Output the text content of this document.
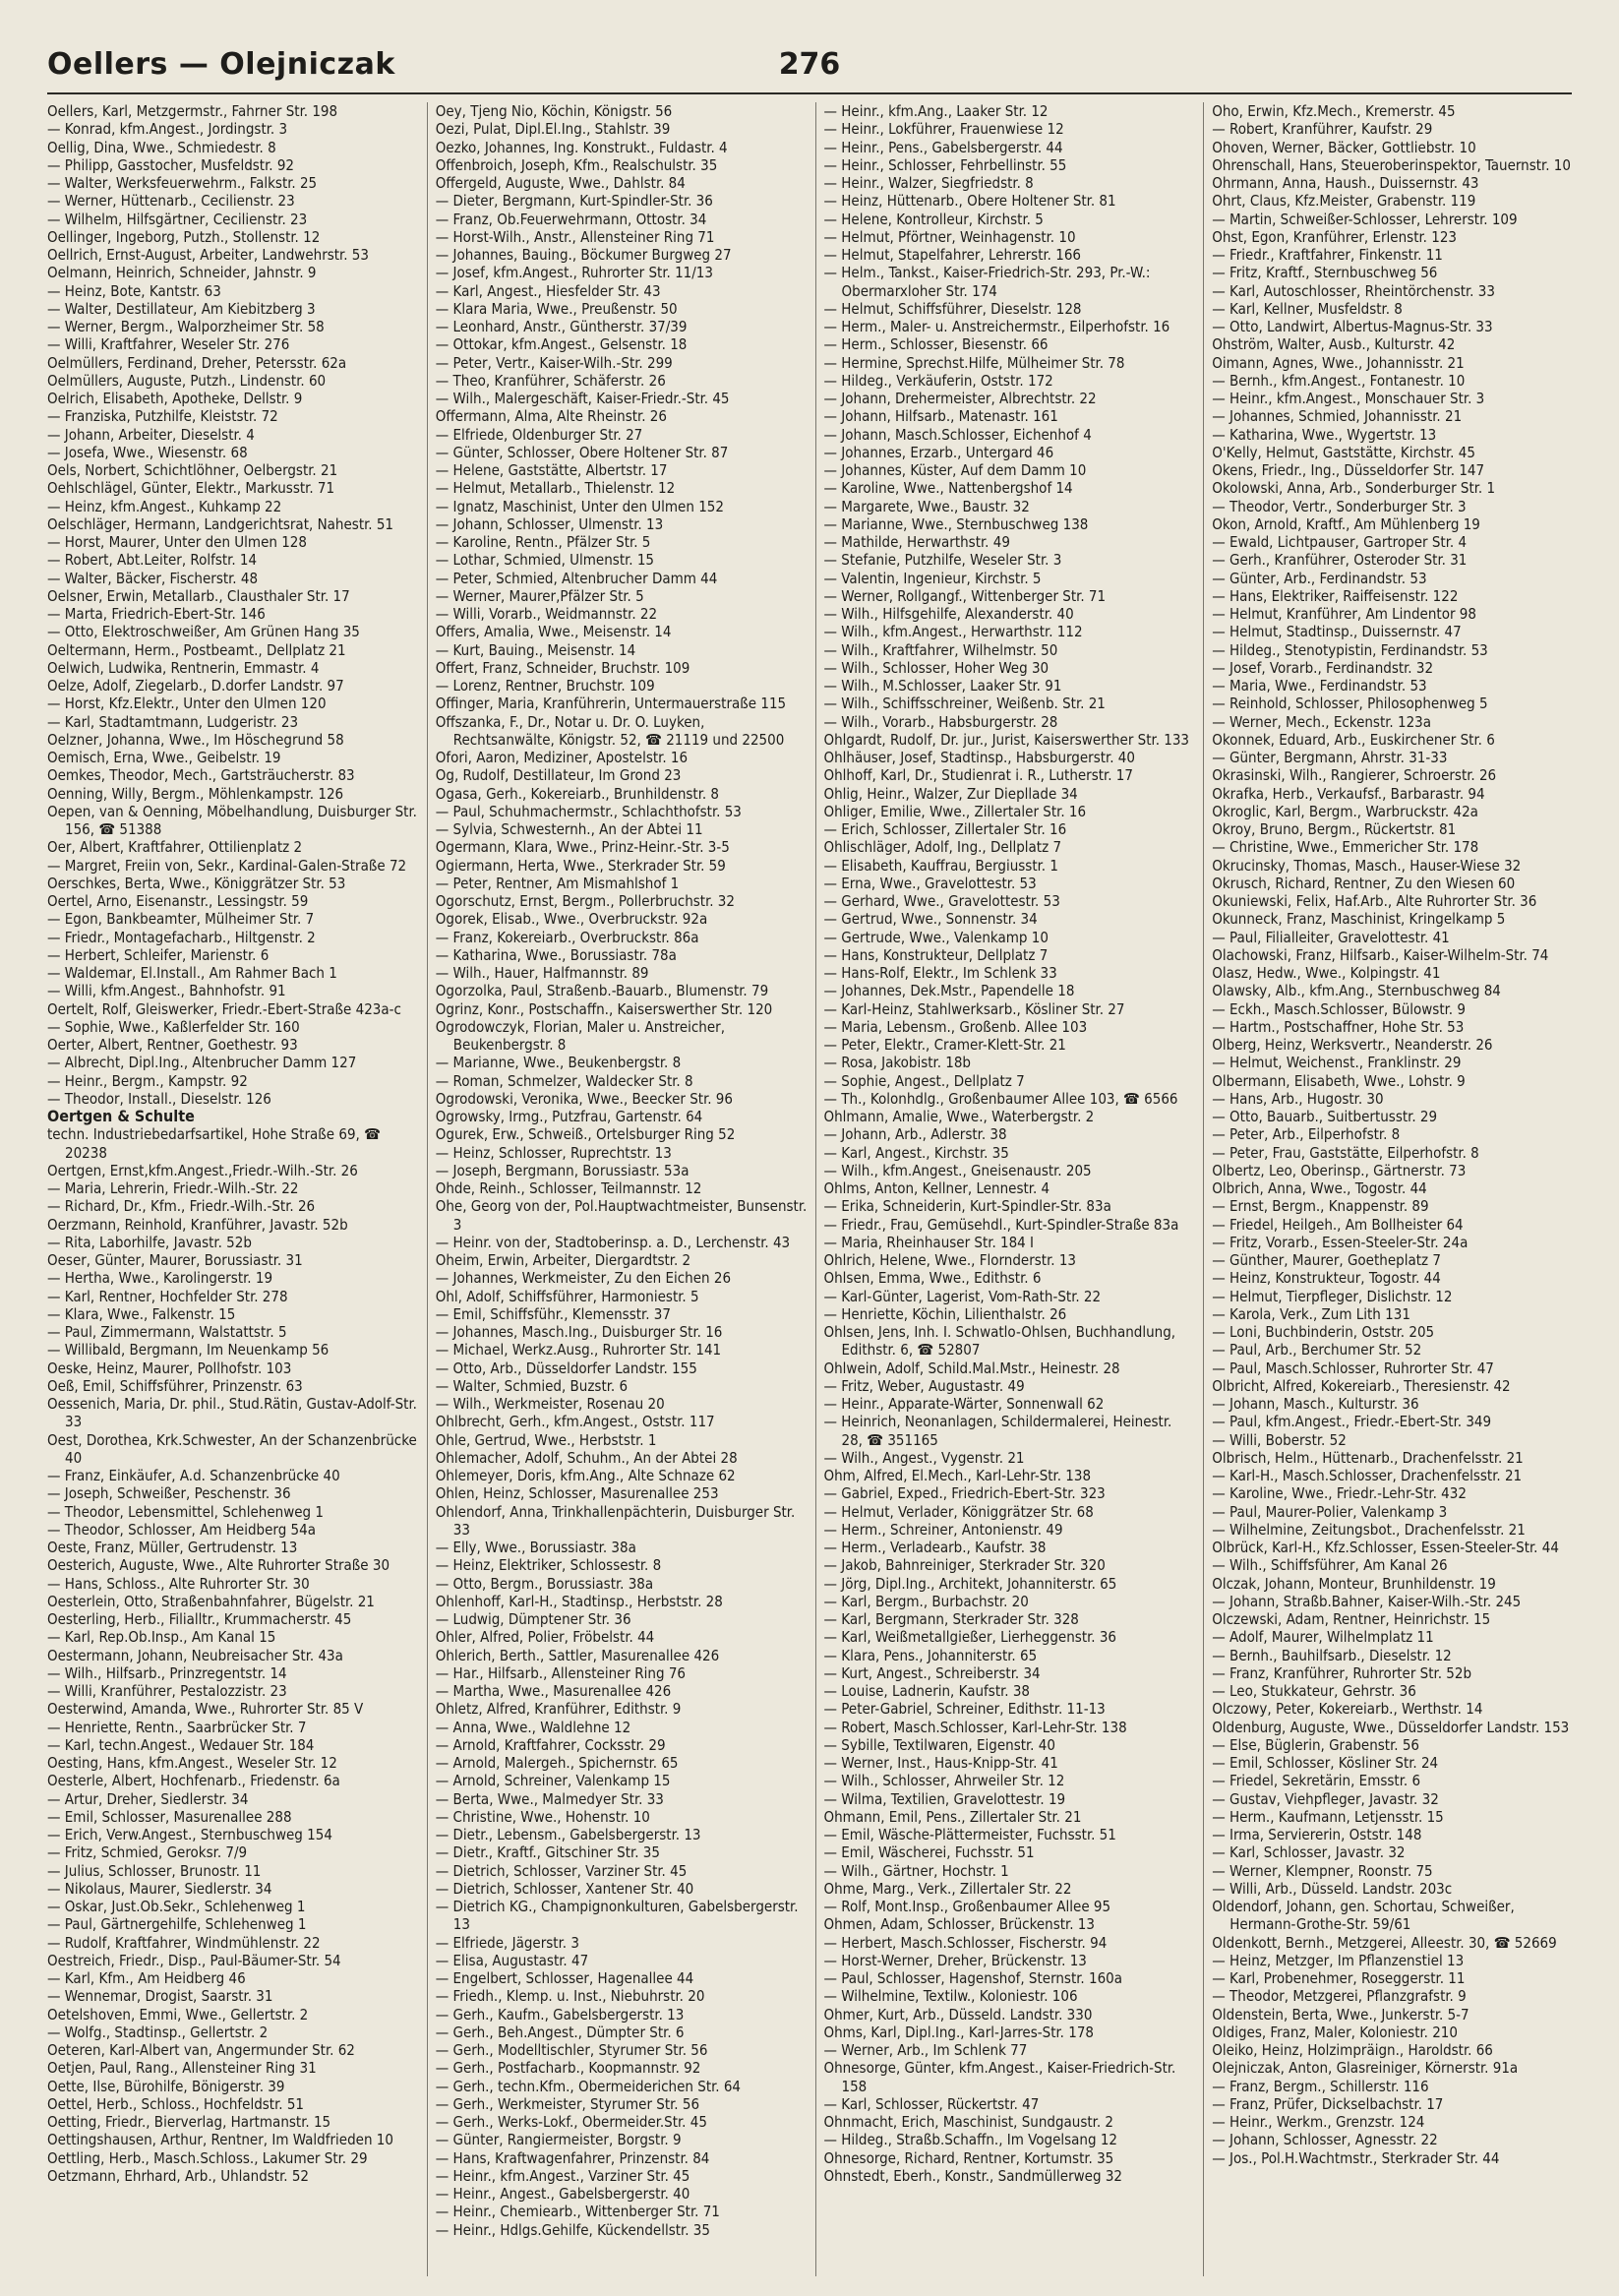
Oellers — Olejniczak	276
Oellers, Karl, Metzgermstr., Fahrner Str. 198
— Konrad, kfm.Angest., Jordingstr. 3
Oellig, Dina, Wwe., Schmiedestr. 8
— Philipp, Gasstocher, Musfeldstr. 92
— Walter, Werksfeuerwehrm., Falkstr. 25
— Werner, Hüttenarb., Cecilienstr. 23
— Wilhelm, Hilfsgärtner, Cecilienstr. 23
Oellinger, Ingeborg, Putzh., Stollenstr. 12
Oellrich, Ernst-August, Arbeiter, Landwehrstr. 53
Oelmann, Heinrich, Schneider, Jahnstr. 9
— Heinz, Bote, Kantstr. 63
— Walter, Destillateur, Am Kiebitzberg 3
— Werner, Bergm., Walporzheimer Str. 58
— Willi, Kraftfahrer, Weseler Str. 276
Oelmüllers, Ferdinand, Dreher, Petersstr. 62a
Oelmüllers, Auguste, Putzh., Lindenstr. 60
Oelrich, Elisabeth, Apotheke, Dellstr. 9
— Franziska, Putzhilfe, Kleiststr. 72
— Johann, Arbeiter, Dieselstr. 4
— Josefa, Wwe., Wiesenstr. 68
Oels, Norbert, Schichtlöhner, Oelbergstr. 21
Oehlschlägel, Günter, Elektr., Markusstr. 71
— Heinz, kfm.Angest., Kuhkamp 22
Oelschläger, Hermann, Landgerichtsrat, Nahestr. 51
— Horst, Maurer, Unter den Ulmen 128
— Robert, Abt.Leiter, Rolfstr. 14
— Walter, Bäcker, Fischerstr. 48
Oelsner, Erwin, Metallarb., Clausthaler Str. 17
— Marta, Friedrich-Ebert-Str. 146
— Otto, Elektroschweißer, Am Grünen Hang 35
Oeltermann, Herm., Postbeamt., Dellplatz 21
Oelwich, Ludwika, Rentnerin, Emmastr. 4
Oelze, Adolf, Ziegelarb., D.dorfer Landstr. 97
— Horst, Kfz.Elektr., Unter den Ulmen 120
— Karl, Stadtamtmann, Ludgeristr. 23
Oelzner, Johanna, Wwe., Im Höschegrund 58
Oemisch, Erna, Wwe., Geibelstr. 19
Oemkes, Theodor, Mech., Gartsträucherstr. 83
Oenning, Willy, Bergm., Möhlenkampstr. 126
Oepen, van & Oenning, Möbelhandlung, Duisburger Str. 156, ☎ 51388
Oer, Albert, Kraftfahrer, Ottilienplatz 2
— Margret, Freiin von, Sekr., Kardinal-Galen-Straße 72
Oerschkes, Berta, Wwe., Königgrätzer Str. 53
Oertel, Arno, Eisenanstr., Lessingstr. 59
— Egon, Bankbeamter, Mülheimer Str. 7
— Friedr., Montagefacharb., Hiltgenstr. 2
— Herbert, Schleifer, Marienstr. 6
— Waldemar, El.Install., Am Rahmer Bach 1
— Willi, kfm.Angest., Bahnhofstr. 91
Oertelt, Rolf, Gleiswerker, Friedr.-Ebert-Straße 423a-c
— Sophie, Wwe., Kaßlerfelder Str. 160
Oerter, Albert, Rentner, Goethestr. 93
— Albrecht, Dipl.Ing., Altenbrucher Damm 127
— Heinr., Bergm., Kampstr. 92
— Theodor, Install., Dieselstr. 126
Oertgen & Schulte
techn. Industriebedarfsartikel, Hohe Straße 69, ☎ 20238
Oertgen, Ernst,kfm.Angest.,Friedr.-Wilh.-Str. 26
— Maria, Lehrerin, Friedr.-Wilh.-Str. 22
— Richard, Dr., Kfm., Friedr.-Wilh.-Str. 26
Oerzmann, Reinhold, Kranführer, Javastr. 52b
— Rita, Laborhilfe, Javastr. 52b
Oeser, Günter, Maurer, Borussiastr. 31
— Hertha, Wwe., Karolingerstr. 19
— Karl, Rentner, Hochfelder Str. 278
— Klara, Wwe., Falkenstr. 15
— Paul, Zimmermann, Walstattstr. 5
— Willibald, Bergmann, Im Neuenkamp 56
Oeske, Heinz, Maurer, Pollhofstr. 103
Oeß, Emil, Schiffsführer, Prinzenstr. 63
Oessenich, Maria, Dr. phil., Stud.Rätin, Gustav-Adolf-Str. 33
Oest, Dorothea, Krk.Schwester, An der Schanzenbrücke 40
— Franz, Einkäufer, A.d. Schanzenbrücke 40
— Joseph, Schweißer, Peschenstr. 36
— Theodor, Lebensmittel, Schlehenweg 1
— Theodor, Schlosser, Am Heidberg 54a
Oeste, Franz, Müller, Gertrudenstr. 13
Oesterich, Auguste, Wwe., Alte Ruhrorter Straße 30
— Hans, Schloss., Alte Ruhrorter Str. 30
Oesterlein, Otto, Straßenbahnfahrer, Bügelstr. 21
Oesterling, Herb., Filialltr., Krummacherstr. 45
— Karl, Rep.Ob.Insp., Am Kanal 15
Oestermann, Johann, Neubreisacher Str. 43a
— Wilh., Hilfsarb., Prinzregentstr. 14
— Willi, Kranführer, Pestalozzistr. 23
Oesterwind, Amanda, Wwe., Ruhrorter Str. 85 V
— Henriette, Rentn., Saarbrücker Str. 7
— Karl, techn.Angest., Wedauer Str. 184
Oesting, Hans, kfm.Angest., Weseler Str. 12
Oesterle, Albert, Hochfenarb., Friedenstr. 6a
— Artur, Dreher, Siedlerstr. 34
— Emil, Schlosser, Masurenallee 288
— Erich, Verw.Angest., Sternbuschweg 154
— Fritz, Schmied, Geroksr. 7/9
— Julius, Schlosser, Brunostr. 11
— Nikolaus, Maurer, Siedlerstr. 34
— Oskar, Just.Ob.Sekr., Schlehenweg 1
— Paul, Gärtnergehilfe, Schlehenweg 1
— Rudolf, Kraftfahrer, Windmühlenstr. 22
Oestreich, Friedr., Disp., Paul-Bäumer-Str. 54
— Karl, Kfm., Am Heidberg 46
— Wennemar, Drogist, Saarstr. 31
Oetelshoven, Emmi, Wwe., Gellertstr. 2
— Wolfg., Stadtinsp., Gellertstr. 2
Oeteren, Karl-Albert van, Angermunder Str. 62
Oetjen, Paul, Rang., Allensteiner Ring 31
Oette, Ilse, Bürohilfe, Bönigerstr. 39
Oettel, Herb., Schloss., Hochfeldstr. 51
Oetting, Friedr., Bierverlag, Hartmanstr. 15
Oettingshausen, Arthur, Rentner, Im Waldfrieden 10
Oettling, Herb., Masch.Schloss., Lakumer Str. 29
Oetzmann, Ehrhard, Arb., Uhlandstr. 52
Oey, Tjeng Nio, Köchin, Königstr. 56
Oezi, Pulat, Dipl.El.Ing., Stahlstr. 39
Oezko, Johannes, Ing. Konstrukt., Fuldastr. 4
Offenbroich, Joseph, Kfm., Realschulstr. 35
Offergeld, Auguste, Wwe., Dahlstr. 84
— Dieter, Bergmann, Kurt-Spindler-Str. 36
— Franz, Ob.Feuerwehrmann, Ottostr. 34
— Horst-Wilh., Anstr., Allensteiner Ring 71
— Johannes, Bauing., Böckumer Burgweg 27
— Josef, kfm.Angest., Ruhrorter Str. 11/13
— Karl, Angest., Hiesfelder Str. 43
— Klara Maria, Wwe., Preußenstr. 50
— Leonhard, Anstr., Güntherstr. 37/39
— Ottokar, kfm.Angest., Gelsenstr. 18
— Peter, Vertr., Kaiser-Wilh.-Str. 299
— Theo, Kranführer, Schäferstr. 26
— Wilh., Malergeschäft, Kaiser-Friedr.-Str. 45
Offermann, Alma, Alte Rheinstr. 26
— Elfriede, Oldenburger Str. 27
— Günter, Schlosser, Obere Holtener Str. 87
— Helene, Gaststätte, Albertstr. 17
— Helmut, Metallarb., Thielenstr. 12
— Ignatz, Maschinist, Unter den Ulmen 152
— Johann, Schlosser, Ulmenstr. 13
— Karoline, Rentn., Pfälzer Str. 5
— Lothar, Schmied, Ulmenstr. 15
— Peter, Schmied, Altenbrucher Damm 44
— Werner, Maurer,Pfälzer Str. 5
— Willi, Vorarb., Weidmannstr. 22
Offers, Amalia, Wwe., Meisenstr. 14
— Kurt, Bauing., Meisenstr. 14
Offert, Franz, Schneider, Bruchstr. 109
— Lorenz, Rentner, Bruchstr. 109
Offinger, Maria, Kranführerin, Untermauerstraße 115
Offszanka, F., Dr., Notar u. Dr. O. Luyken, Rechtsanwälte, Königstr. 52, ☎ 21119 und 22500
Ofori, Aaron, Mediziner, Apostelstr. 16
Og, Rudolf, Destillateur, Im Grond 23
Ogasa, Gerh., Kokereiarb., Brunhildenstr. 8
— Paul, Schuhmachermstr., Schlachthofstr. 53
— Sylvia, Schwesternh., An der Abtei 11
Ogermann, Klara, Wwe., Prinz-Heinr.-Str. 3-5
Ogiermann, Herta, Wwe., Sterkrader Str. 59
— Peter, Rentner, Am Mismahlshof 1
Ogorschutz, Ernst, Bergm., Pollerbruchstr. 32
Ogorek, Elisab., Wwe., Overbruckstr. 92a
— Franz, Kokereiarb., Overbruckstr. 86a
— Katharina, Wwe., Borussiastr. 78a
— Wilh., Hauer, Halfmannstr. 89
Ogorzolka, Paul, Straßenb.-Bauarb., Blumenstr. 79
Ogrinz, Konr., Postschaffn., Kaiserswerther Str. 120
Ogrodowczyk, Florian, Maler u. Anstreicher, Beukenbergstr. 8
— Marianne, Wwe., Beukenbergstr. 8
— Roman, Schmelzer, Waldecker Str. 8
Ogrodowski, Veronika, Wwe., Beecker Str. 96
Ogrowsky, Irmg., Putzfrau, Gartenstr. 64
Ogurek, Erw., Schweiß., Ortelsburger Ring 52
— Heinz, Schlosser, Ruprechtstr. 13
— Joseph, Bergmann, Borussiastr. 53a
Ohde, Reinh., Schlosser, Teilmannstr. 12
Ohe, Georg von der, Pol.Hauptwachtmeister, Bunsenstr. 3
— Heinr. von der, Stadtoberinsp. a. D., Lerchenstr. 43
Oheim, Erwin, Arbeiter, Diergardtstr. 2
— Johannes, Werkmeister, Zu den Eichen 26
Ohl, Adolf, Schiffsführer, Harmoniestr. 5
— Emil, Schiffsführ., Klemensstr. 37
— Johannes, Masch.Ing., Duisburger Str. 16
— Michael, Werkz.Ausg., Ruhrorter Str. 141
— Otto, Arb., Düsseldorfer Landstr. 155
— Walter, Schmied, Buzstr. 6
— Wilh., Werkmeister, Rosenau 20
Ohlbrecht, Gerh., kfm.Angest., Oststr. 117
Ohle, Gertrud, Wwe., Herbststr. 1
Ohlemacher, Adolf, Schuhm., An der Abtei 28
Ohlemeyer, Doris, kfm.Ang., Alte Schnaze 62
Ohlen, Heinz, Schlosser, Masurenallee 253
Ohlendorf, Anna, Trinkhallenpächterin, Duisburger Str. 33
— Elly, Wwe., Borussiastr. 38a
— Heinz, Elektriker, Schlossestr. 8
— Otto, Bergm., Borussiastr. 38a
Ohlenhoff, Karl-H., Stadtinsp., Herbststr. 28
— Ludwig, Dümptener Str. 36
Ohler, Alfred, Polier, Fröbelstr. 44
Ohlerich, Berth., Sattler, Masurenallee 426
— Har., Hilfsarb., Allensteiner Ring 76
— Martha, Wwe., Masurenallee 426
Ohletz, Alfred, Kranführer, Edithstr. 9
— Anna, Wwe., Waldlehne 12
— Arnold, Kraftfahrer, Cocksstr. 29
— Arnold, Malergeh., Spichernstr. 65
— Arnold, Schreiner, Valenkamp 15
— Berta, Wwe., Malmedyer Str. 33
— Christine, Wwe., Hohenstr. 10
— Dietr., Lebensm., Gabelsbergerstr. 13
— Dietr., Kraftf., Gitschiner Str. 35
— Dietrich, Schlosser, Varziner Str. 45
— Dietrich, Schlosser, Xantener Str. 40
— Dietrich KG., Champignonkulturen, Gabelsbergerstr. 13
— Elfriede, Jägerstr. 3
— Elisa, Augustastr. 47
— Engelbert, Schlosser, Hagenallee 44
— Friedh., Klemp. u. Inst., Niebuhrstr. 20
— Gerh., Kaufm., Gabelsbergerstr. 13
— Gerh., Beh.Angest., Dümpter Str. 6
— Gerh., Modelltischler, Styrumer Str. 56
— Gerh., Postfacharb., Koopmannstr. 92
— Gerh., techn.Kfm., Obermeiderichen Str. 64
— Gerh., Werkmeister, Styrumer Str. 56
— Gerh., Werks-Lokf., Obermeider.Str. 45
— Günter, Rangiermeister, Borgstr. 9
— Hans, Kraftwagenfahrer, Prinzenstr. 84
— Heinr., kfm.Angest., Varziner Str. 45
— Heinr., Angest., Gabelsbergerstr. 40
— Heinr., Chemiearb., Wittenberger Str. 71
— Heinr., Hdlgs.Gehilfe, Kückendellstr. 35
— Heinr., kfm.Ang., Laaker Str. 12
— Heinr., Lokführer, Frauenwiese 12
— Heinr., Pens., Gabelsbergerstr. 44
— Heinr., Schlosser, Fehrbellinstr. 55
— Heinr., Walzer, Siegfriedstr. 8
— Heinz, Hüttenarb., Obere Holtener Str. 81
— Helene, Kontrolleur, Kirchstr. 5
— Helmut, Pförtner, Weinhagenstr. 10
— Helmut, Stapelfahrer, Lehrerstr. 166
— Helm., Tankst., Kaiser-Friedrich-Str. 293, Pr.-W.: Obermarxloher Str. 174
— Helmut, Schiffsführer, Dieselstr. 128
— Herm., Maler- u. Anstreichermstr., Eilperhofstr. 16
— Herm., Schlosser, Biesenstr. 66
— Hermine, Sprechst.Hilfe, Mülheimer Str. 78
— Hildeg., Verkäuferin, Oststr. 172
— Johann, Drehermeister, Albrechtstr. 22
— Johann, Hilfsarb., Matenastr. 161
— Johann, Masch.Schlosser, Eichenhof 4
— Johannes, Erzarb., Untergard 46
— Johannes, Küster, Auf dem Damm 10
— Karoline, Wwe., Nattenbergshof 14
— Margarete, Wwe., Baustr. 32
— Marianne, Wwe., Sternbuschweg 138
— Mathilde, Herwarthstr. 49
— Stefanie, Putzhilfe, Weseler Str. 3
— Valentin, Ingenieur, Kirchstr. 5
— Werner, Rollgangf., Wittenberger Str. 71
— Wilh., Hilfsgehilfe, Alexanderstr. 40
— Wilh., kfm.Angest., Herwarthstr. 112
— Wilh., Kraftfahrer, Wilhelmstr. 50
— Wilh., Schlosser, Hoher Weg 30
— Wilh., M.Schlosser, Laaker Str. 91
— Wilh., Schiffsschreiner, Weißenb. Str. 21
— Wilh., Vorarb., Habsburgerstr. 28
Ohlgardt, Rudolf, Dr. jur., Jurist, Kaiserswerther Str. 133
Ohlhäuser, Josef, Stadtinsp., Habsburgerstr. 40
Ohlhoff, Karl, Dr., Studienrat i. R., Lutherstr. 17
Ohlig, Heinr., Walzer, Zur Diepllade 34
Ohliger, Emilie, Wwe., Zillertaler Str. 16
— Erich, Schlosser, Zillertaler Str. 16
Ohlischläger, Adolf, Ing., Dellplatz 7
— Elisabeth, Kauffrau, Bergiusstr. 1
— Erna, Wwe., Gravelottestr. 53
— Gerhard, Wwe., Gravelottestr. 53
— Gertrud, Wwe., Sonnenstr. 34
— Gertrude, Wwe., Valenkamp 10
— Hans, Konstrukteur, Dellplatz 7
— Hans-Rolf, Elektr., Im Schlenk 33
— Johannes, Dek.Mstr., Papendelle 18
— Karl-Heinz, Stahlwerksarb., Kösliner Str. 27
— Maria, Lebensm., Großenb. Allee 103
— Peter, Elektr., Cramer-Klett-Str. 21
— Rosa, Jakobistr. 18b
— Sophie, Angest., Dellplatz 7
— Th., Kolonhdlg., Großenbaumer Allee 103, ☎ 6566
Ohlmann, Amalie, Wwe., Waterbergstr. 2
— Johann, Arb., Adlerstr. 38
— Karl, Angest., Kirchstr. 35
— Wilh., kfm.Angest., Gneisenaustr. 205
Ohlms, Anton, Kellner, Lennestr. 4
— Erika, Schneiderin, Kurt-Spindler-Str. 83a
— Friedr., Frau, Gemüsehdl., Kurt-Spindler-Straße 83a
— Maria, Rheinhauser Str. 184 I
Ohlrich, Helene, Wwe., Flornderstr. 13
Ohlsen, Emma, Wwe., Edithstr. 6
— Karl-Günter, Lagerist, Vom-Rath-Str. 22
— Henriette, Köchin, Lilienthalstr. 26
Ohlsen, Jens, Inh. I. Schwatlo-Ohlsen, Buchhandlung, Edithstr. 6, ☎ 52807
Ohlwein, Adolf, Schild.Mal.Mstr., Heinestr. 28
— Fritz, Weber, Augustastr. 49
— Heinr., Apparate-Wärter, Sonnenwall 62
— Heinrich, Neonanlagen, Schildermalerei, Heinestr. 28, ☎ 351165
— Wilh., Angest., Vygenstr. 21
Ohm, Alfred, El.Mech., Karl-Lehr-Str. 138
— Gabriel, Exped., Friedrich-Ebert-Str. 323
— Helmut, Verlader, Königgrätzer Str. 68
— Herm., Schreiner, Antonienstr. 49
— Herm., Verladearb., Kaufstr. 38
— Jakob, Bahnreiniger, Sterkrader Str. 320
— Jörg, Dipl.Ing., Architekt, Johanniterstr. 65
— Karl, Bergm., Burbachstr. 20
— Karl, Bergmann, Sterkrader Str. 328
— Karl, Weißmetallgießer, Lierheggenstr. 36
— Klara, Pens., Johanniterstr. 65
— Kurt, Angest., Schreiberstr. 34
— Louise, Ladnerin, Kaufstr. 38
— Peter-Gabriel, Schreiner, Edithstr. 11-13
— Robert, Masch.Schlosser, Karl-Lehr-Str. 138
— Sybille, Textilwaren, Eigenstr. 40
— Werner, Inst., Haus-Knipp-Str. 41
— Wilh., Schlosser, Ahrweiler Str. 12
— Wilma, Textilien, Gravelottestr. 19
Ohmann, Emil, Pens., Zillertaler Str. 21
— Emil, Wäsche-Plättermeister, Fuchsstr. 51
— Emil, Wäscherei, Fuchsstr. 51
— Wilh., Gärtner, Hochstr. 1
Ohme, Marg., Verk., Zillertaler Str. 22
— Rolf, Mont.Insp., Großenbaumer Allee 95
Ohmen, Adam, Schlosser, Brückenstr. 13
— Herbert, Masch.Schlosser, Fischerstr. 94
— Horst-Werner, Dreher, Brückenstr. 13
— Paul, Schlosser, Hagenshof, Sternstr. 160a
— Wilhelmine, Textilw., Koloniestr. 106
Ohmer, Kurt, Arb., Düsseld. Landstr. 330
Ohms, Karl, Dipl.Ing., Karl-Jarres-Str. 178
— Werner, Arb., Im Schlenk 77
Ohnesorge, Günter, kfm.Angest., Kaiser-Friedrich-Str. 158
— Karl, Schlosser, Rückertstr. 47
Ohnmacht, Erich, Maschinist, Sundgaustr. 2
— Hildeg., Straßb.Schaffn., Im Vogelsang 12
Ohnesorge, Richard, Rentner, Kortumstr. 35
Ohnstedt, Eberh., Konstr., Sandmüllerweg 32
Oho, Erwin, Kfz.Mech., Kremerstr. 45
— Robert, Kranführer, Kaufstr. 29
Ohoven, Werner, Bäcker, Gottliebstr. 10
Ohrenschall, Hans, Steueroberinspektor, Tauernstr. 10
Ohrmann, Anna, Haush., Duissernstr. 43
Ohrt, Claus, Kfz.Meister, Grabenstr. 119
— Martin, Schweißer-Schlosser, Lehrerstr. 109
Ohst, Egon, Kranführer, Erlenstr. 123
— Friedr., Kraftfahrer, Finkenstr. 11
— Fritz, Kraftf., Sternbuschweg 56
— Karl, Autoschlosser, Rheintörchenstr. 33
— Karl, Kellner, Musfeldstr. 8
— Otto, Landwirt, Albertus-Magnus-Str. 33
Ohström, Walter, Ausb., Kulturstr. 42
Oimann, Agnes, Wwe., Johannisstr. 21
— Bernh., kfm.Angest., Fontanestr. 10
— Heinr., kfm.Angest., Monschauer Str. 3
— Johannes, Schmied, Johannisstr. 21
— Katharina, Wwe., Wygertstr. 13
O'Kelly, Helmut, Gaststätte, Kirchstr. 45
Okens, Friedr., Ing., Düsseldorfer Str. 147
Okolowski, Anna, Arb., Sonderburger Str. 1
— Theodor, Vertr., Sonderburger Str. 3
Okon, Arnold, Kraftf., Am Mühlenberg 19
— Ewald, Lichtpauser, Gartroper Str. 4
— Gerh., Kranführer, Osteroder Str. 31
— Günter, Arb., Ferdinandstr. 53
— Hans, Elektriker, Raiffeisenstr. 122
— Helmut, Kranführer, Am Lindentor 98
— Helmut, Stadtinsp., Duissernstr. 47
— Hildeg., Stenotypistin, Ferdinandstr. 53
— Josef, Vorarb., Ferdinandstr. 32
— Maria, Wwe., Ferdinandstr. 53
— Reinhold, Schlosser, Philosophenweg 5
— Werner, Mech., Eckenstr. 123a
Okonnek, Eduard, Arb., Euskirchener Str. 6
— Günter, Bergmann, Ahrstr. 31-33
Okrasinski, Wilh., Rangierer, Schroerstr. 26
Okrafka, Herb., Verkaufsf., Barbarastr. 94
Okroglic, Karl, Bergm., Warbruckstr. 42a
Okroy, Bruno, Bergm., Rückertstr. 81
— Christine, Wwe., Emmericher Str. 178
Okrucinsky, Thomas, Masch., Hauser-Wiese 32
Okrusch, Richard, Rentner, Zu den Wiesen 60
Okuniewski, Felix, Haf.Arb., Alte Ruhrorter Str. 36
Okunneck, Franz, Maschinist, Kringelkamp 5
— Paul, Filialleiter, Gravelottestr. 41
Olachowski, Franz, Hilfsarb., Kaiser-Wilhelm-Str. 74
Olasz, Hedw., Wwe., Kolpingstr. 41
Olawsky, Alb., kfm.Ang., Sternbuschweg 84
— Eckh., Masch.Schlosser, Bülowstr. 9
— Hartm., Postschaffner, Hohe Str. 53
Olberg, Heinz, Werksvertr., Neanderstr. 26
— Helmut, Weichenst., Franklinstr. 29
Olbermann, Elisabeth, Wwe., Lohstr. 9
— Hans, Arb., Hugostr. 30
— Otto, Bauarb., Suitbertusstr. 29
— Peter, Arb., Eilperhofstr. 8
— Peter, Frau, Gaststätte, Eilperhofstr. 8
Olbertz, Leo, Oberinsp., Gärtnerstr. 73
Olbrich, Anna, Wwe., Togostr. 44
— Ernst, Bergm., Knappenstr. 89
— Friedel, Heilgeh., Am Bollheister 64
— Fritz, Vorarb., Essen-Steeler-Str. 24a
— Günther, Maurer, Goetheplatz 7
— Heinz, Konstrukteur, Togostr. 44
— Helmut, Tierpfleger, Dislichstr. 12
— Karola, Verk., Zum Lith 131
— Loni, Buchbinderin, Oststr. 205
— Paul, Arb., Berchumer Str. 52
— Paul, Masch.Schlosser, Ruhrorter Str. 47
Olbricht, Alfred, Kokereiarb., Theresienstr. 42
— Johann, Masch., Kulturstr. 36
— Paul, kfm.Angest., Friedr.-Ebert-Str. 349
— Willi, Boberstr. 52
Olbrisch, Helm., Hüttenarb., Drachenfelsstr. 21
— Karl-H., Masch.Schlosser, Drachenfelsstr. 21
— Karoline, Wwe., Friedr.-Lehr-Str. 432
— Paul, Maurer-Polier, Valenkamp 3
— Wilhelmine, Zeitungsbot., Drachenfelsstr. 21
Olbrück, Karl-H., Kfz.Schlosser, Essen-Steeler-Str. 44
— Wilh., Schiffsführer, Am Kanal 26
Olczak, Johann, Monteur, Brunhildenstr. 19
— Johann, Straßb.Bahner, Kaiser-Wilh.-Str. 245
Olczewski, Adam, Rentner, Heinrichstr. 15
— Adolf, Maurer, Wilhelmplatz 11
— Bernh., Bauhilfsarb., Dieselstr. 12
— Franz, Kranführer, Ruhrorter Str. 52b
— Leo, Stukkateur, Gehrstr. 36
Olczowy, Peter, Kokereiarb., Werthstr. 14
Oldenburg, Auguste, Wwe., Düsseldorfer Landstr. 153
— Else, Büglerin, Grabenstr. 56
— Emil, Schlosser, Kösliner Str. 24
— Friedel, Sekretärin, Emsstr. 6
— Gustav, Viehpfleger, Javastr. 32
— Herm., Kaufmann, Letjensstr. 15
— Irma, Serviererin, Oststr. 148
— Karl, Schlosser, Javastr. 32
— Werner, Klempner, Roonstr. 75
— Willi, Arb., Düsseld. Landstr. 203c
Oldendorf, Johann, gen. Schortau, Schweißer, Hermann-Grothe-Str. 59/61
Oldenkott, Bernh., Metzgerei, Alleestr. 30, ☎ 52669
— Heinz, Metzger, Im Pflanzenstiel 13
— Karl, Probenehmer, Roseggerstr. 11
— Theodor, Metzgerei, Pflanzgrafstr. 9
Oldenstein, Berta, Wwe., Junkerstr. 5-7
Oldiges, Franz, Maler, Koloniestr. 210
Oleiko, Heinz, Holzimpräign., Haroldstr. 66
Olejniczak, Anton, Glasreiniger, Körnerstr. 91a
— Franz, Bergm., Schillerstr. 116
— Franz, Prüfer, Dickselbachstr. 17
— Heinr., Werkm., Grenzstr. 124
— Johann, Schlosser, Agnesstr. 22
— Jos., Pol.H.Wachtmstr., Sterkrader Str. 44
